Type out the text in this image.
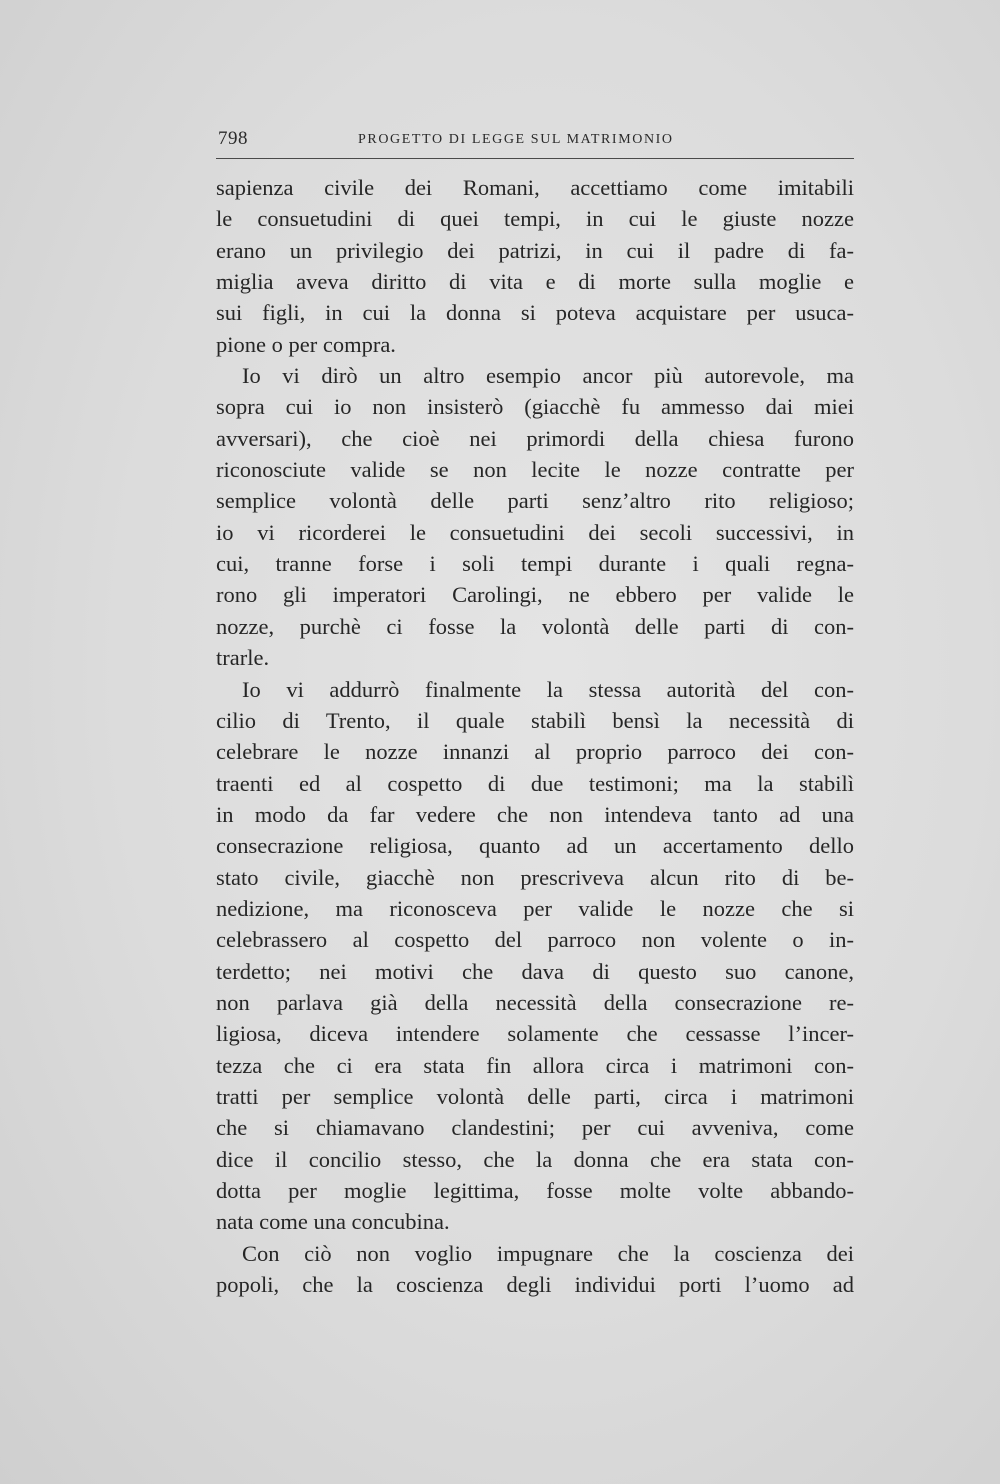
798	PROGETTO DI LEGGE SUL MATRIMONIO
sapienza civile dei Romani, accettiamo come imitabili
le consuetudini di quei tempi, in cui le giuste nozze
erano un privilegio dei patrizi, in cui il padre di fa-
miglia aveva diritto di vita e di morte sulla moglie e
sui figli, in cui la donna si poteva acquistare per usuca-
pione o per compra.
Io vi dirò un altro esempio ancor più autorevole, ma
sopra cui io non insisterò (giacchè fu ammesso dai miei
avversari), che cioè nei primordi della chiesa furono
riconosciute valide se non lecite le nozze contratte per
semplice volontà delle parti senz’altro rito religioso;
io vi ricorderei le consuetudini dei secoli successivi, in
cui, tranne forse i soli tempi durante i quali regna-
rono gli imperatori Carolingi, ne ebbero per valide le
nozze, purchè ci fosse la volontà delle parti di con-
trarle.
Io vi addurrò finalmente la stessa autorità del con-
cilio di Trento, il quale stabilì bensì la necessità di
celebrare le nozze innanzi al proprio parroco dei con-
traenti ed al cospetto di due testimoni; ma la stabilì
in modo da far vedere che non intendeva tanto ad una
consecrazione religiosa, quanto ad un accertamento dello
stato civile, giacchè non prescriveva alcun rito di be-
nedizione, ma riconosceva per valide le nozze che si
celebrassero al cospetto del parroco non volente o in-
terdetto; nei motivi che dava di questo suo canone,
non parlava già della necessità della consecrazione re-
ligiosa, diceva intendere solamente che cessasse l’incer-
tezza che ci era stata fin allora circa i matrimoni con-
tratti per semplice volontà delle parti, circa i matrimoni
che si chiamavano clandestini; per cui avveniva, come
dice il concilio stesso, che la donna che era stata con-
dotta per moglie legittima, fosse molte volte abbando-
nata come una concubina.
Con ciò non voglio impugnare che la coscienza dei
popoli, che la coscienza degli individui porti l’uomo ad
